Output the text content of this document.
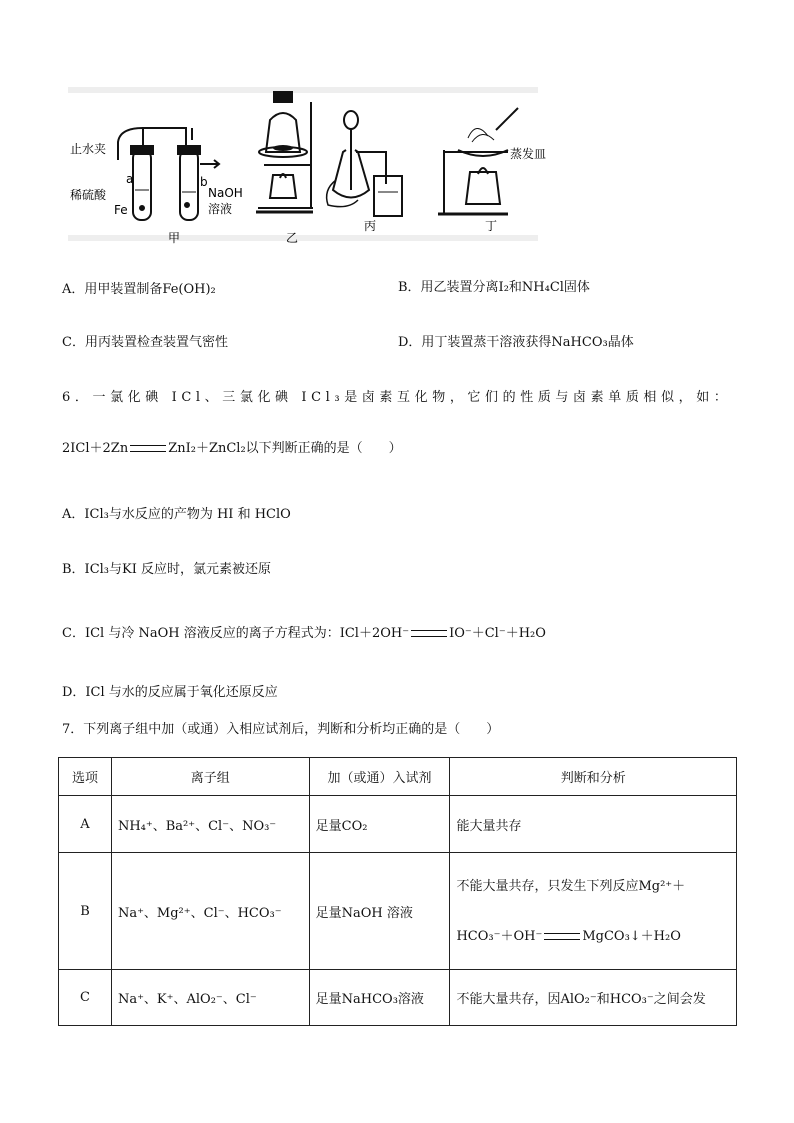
止水夹
稀硫酸
Fe
a	b
NaOH
溶液
甲	乙
丙
蒸发皿
丁
A．用甲装置制备Fe(OH)₂	B．用乙装置分离I₂和NH₄Cl固体
C．用丙装置检查装置气密性	D．用丁装置蒸干溶液获得NaHCO₃晶体
6．一氯化碘 ICl、三氯化碘 ICl₃是卤素互化物，它们的性质与卤素单质相似，如：
2ICl＋2Zn	ZnI₂＋ZnCl₂以下判断正确的是（　　）
A．ICl₃与水反应的产物为 HI 和 HClO
B．ICl₃与KI 反应时，氯元素被还原
C．ICl 与冷 NaOH 溶液反应的离子方程式为：ICl＋2OH⁻	IO⁻＋Cl⁻＋H₂O
D．ICl 与水的反应属于氧化还原反应
7．下列离子组中加（或通）入相应试剂后，判断和分析均正确的是（　　）
选项	离子组	加（或通）入试剂	判断和分析
A	NH₄⁺、Ba²⁺、Cl⁻、NO₃⁻	足量CO₂	能大量共存
B	Na⁺、Mg²⁺、Cl⁻、HCO₃⁻	足量NaOH 溶液	不能大量共存，只发生下列反应Mg²⁺＋
HCO₃⁻＋OH⁻ MgCO₃↓＋H₂O

C	Na⁺、K⁺、AlO₂⁻、Cl⁻	足量NaHCO₃溶液	不能大量共存，因AlO₂⁻和HCO₃⁻之间会发
